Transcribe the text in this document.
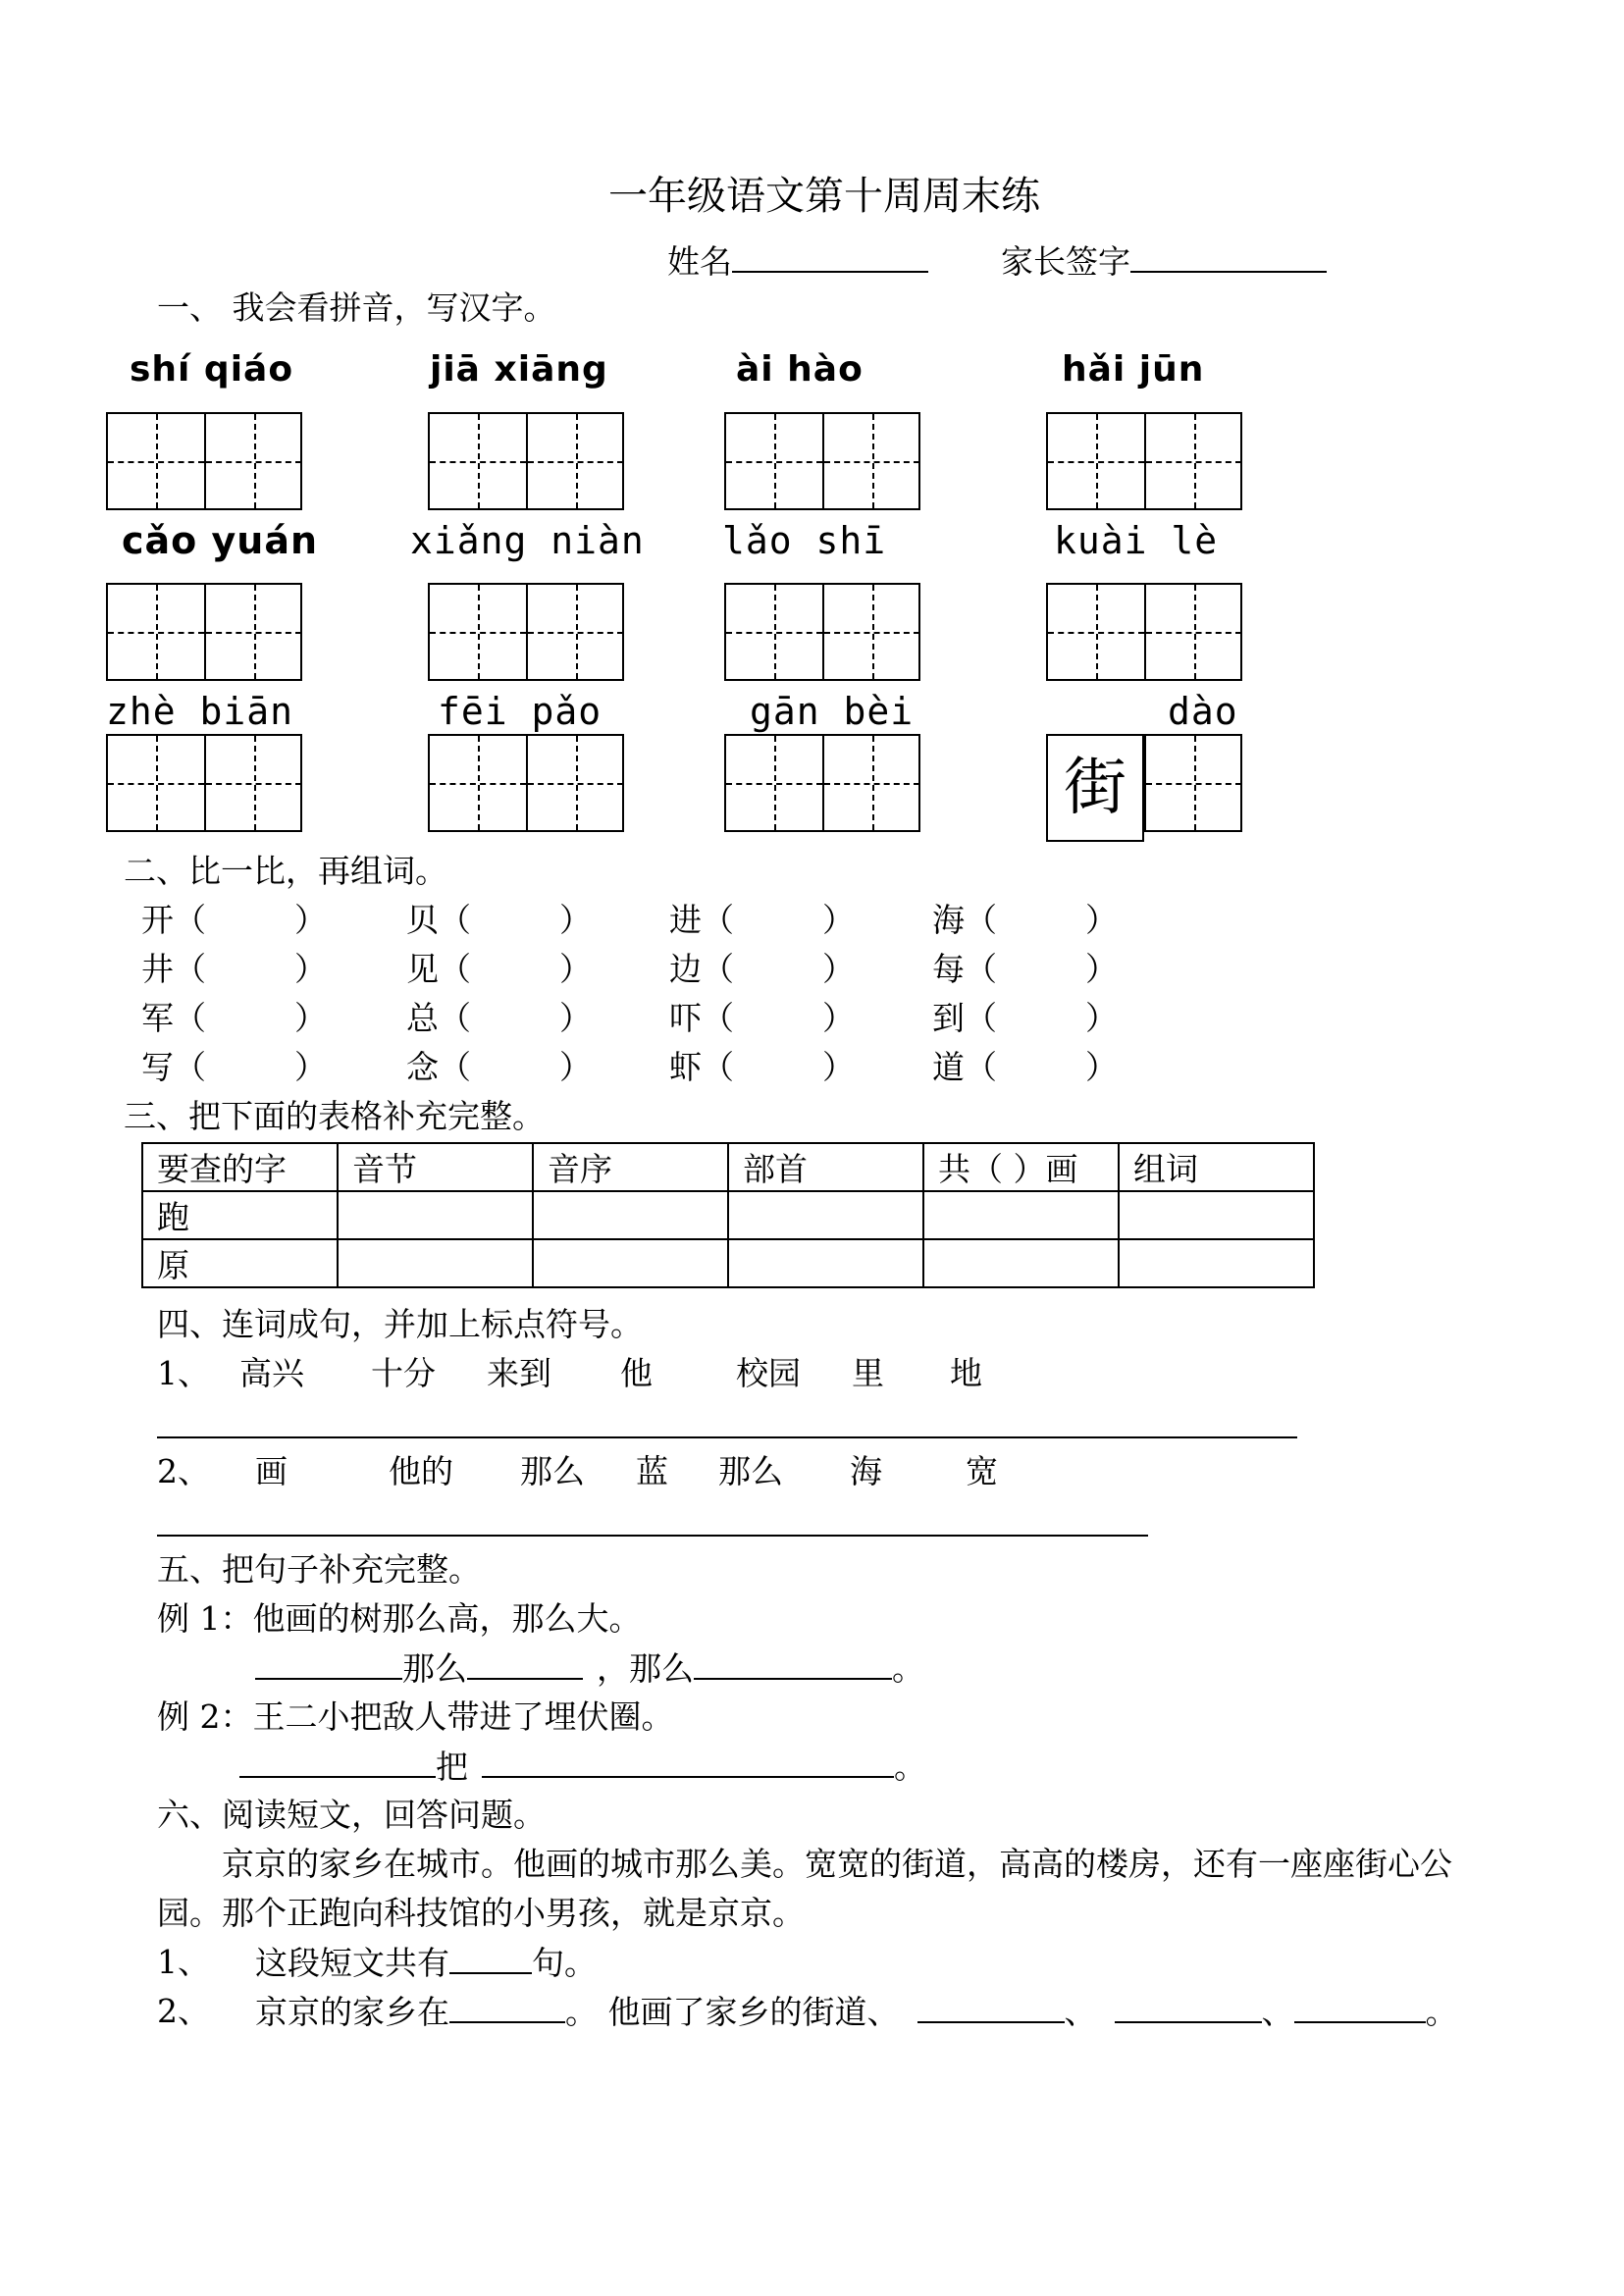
一年级语文第十周周末练
姓名	家长签字
一、 我会看拼音，写汉字。
shí qiáo	jiā xiāng	ài hào	hǎi jūn
cǎo yuán xiǎng niàn lǎo shī	kuài lè
zhè biān	fēi pǎo	gān bèi	dào
街
二、比一比，再组词。
开（	） 贝（	） 进（	） 海（	）
井（	） 见（	） 边（	） 每（	）
军（	） 总（	） 吓（	） 到（	）
写（	） 念（	） 虾（	） 道（	）
三、把下面的表格补充完整。
要查的字	音节	音序	部首	共（ ）画	组词
跑					
原					
四、连词成句，并加上标点符号。
1、 高兴 十分 来到 他	校园 里 地
2、 画	他的 那么 蓝 那么 海	宽
五、把句子补充完整。
例 1：他画的树那么高，那么大。
那么	，那么	。
例 2：王二小把敌人带进了埋伏圈。
把	。
六、阅读短文，回答问题。
京京的家乡在城市。他画的城市那么美。宽宽的街道，高高的楼房，还有一座座街心公
园。那个正跑向科技馆的小男孩，就是京京。
1、 这段短文共有	句。
2、 京京的家乡在	。 他画了家乡的街道、	、	、	。
